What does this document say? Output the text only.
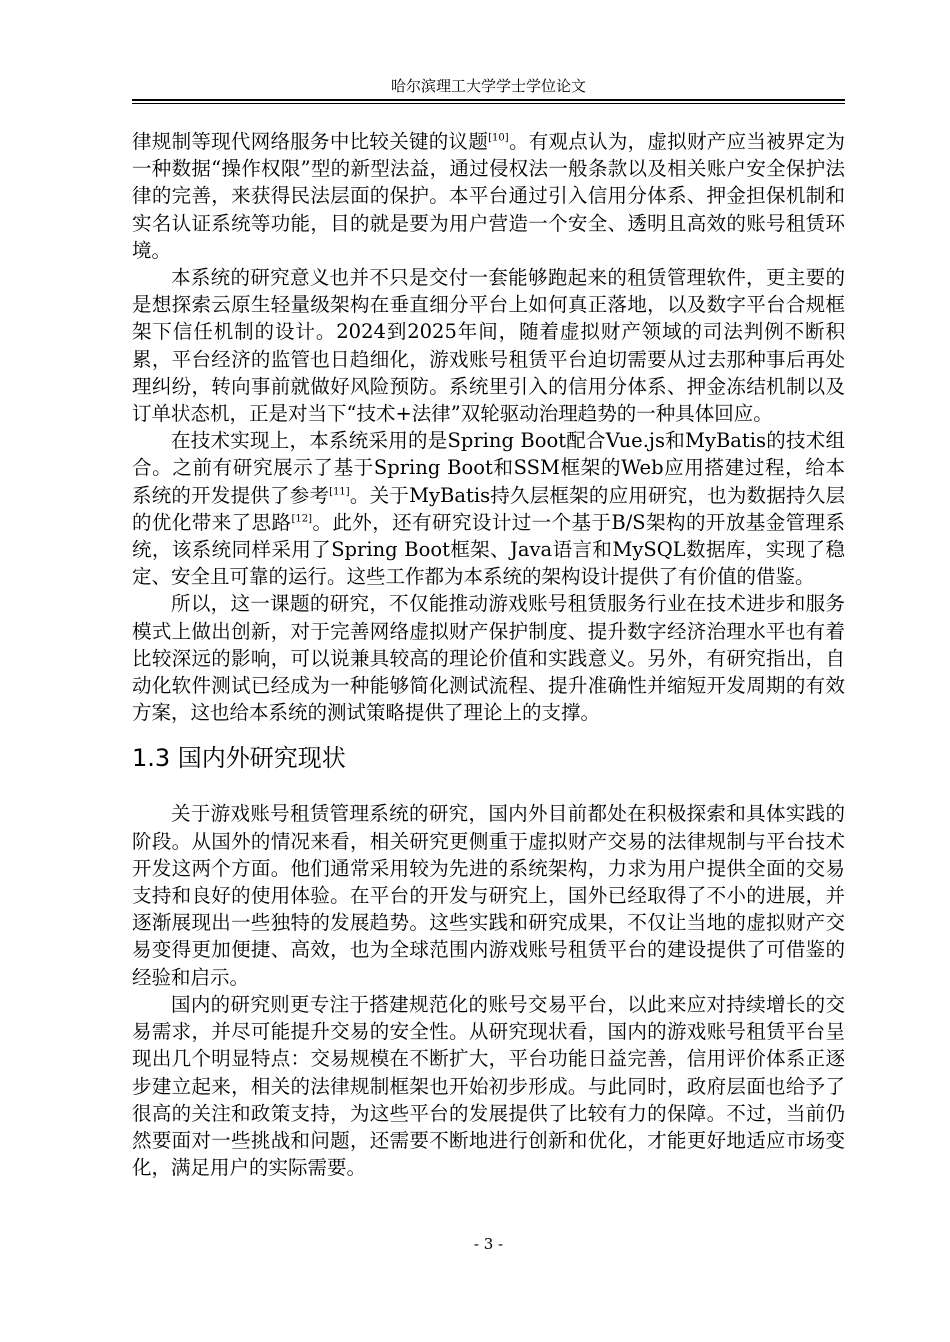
哈尔滨理工大学学士学位论文

律规制等现代网络服务中比较关键的议题[10]。有观点认为，虚拟财产应当被界定为一种数据“操作权限”型的新型法益，通过侵权法一般条款以及相关账户安全保护法律的完善，来获得民法层面的保护。本平台通过引入信用分体系、押金担保机制和实名认证系统等功能，目的就是要为用户营造一个安全、透明且高效的账号租赁环境。

本系统的研究意义也并不只是交付一套能够跑起来的租赁管理软件，更主要的是想探索云原生轻量级架构在垂直细分平台上如何真正落地，以及数字平台合规框架下信任机制的设计。2024到2025年间，随着虚拟财产领域的司法判例不断积累，平台经济的监管也日趋细化，游戏账号租赁平台迫切需要从过去那种事后再处理纠纷，转向事前就做好风险预防。系统里引入的信用分体系、押金冻结机制以及订单状态机，正是对当下“技术+法律”双轮驱动治理趋势的一种具体回应。

在技术实现上，本系统采用的是Spring Boot配合Vue.js和MyBatis的技术组合。之前有研究展示了基于Spring Boot和SSM框架的Web应用搭建过程，给本系统的开发提供了参考[11]。关于MyBatis持久层框架的应用研究，也为数据持久层的优化带来了思路[12]。此外，还有研究设计过一个基于B/S架构的开放基金管理系统，该系统同样采用了Spring Boot框架、Java语言和MySQL数据库，实现了稳定、安全且可靠的运行。这些工作都为本系统的架构设计提供了有价值的借鉴。

所以，这一课题的研究，不仅能推动游戏账号租赁服务行业在技术进步和服务模式上做出创新，对于完善网络虚拟财产保护制度、提升数字经济治理水平也有着比较深远的影响，可以说兼具较高的理论价值和实践意义。另外，有研究指出，自动化软件测试已经成为一种能够简化测试流程、提升准确性并缩短开发周期的有效方案，这也给本系统的测试策略提供了理论上的支撑。

1.3 国内外研究现状

关于游戏账号租赁管理系统的研究，国内外目前都处在积极探索和具体实践的阶段。从国外的情况来看，相关研究更侧重于虚拟财产交易的法律规制与平台技术开发这两个方面。他们通常采用较为先进的系统架构，力求为用户提供全面的交易支持和良好的使用体验。在平台的开发与研究上，国外已经取得了不小的进展，并逐渐展现出一些独特的发展趋势。这些实践和研究成果，不仅让当地的虚拟财产交易变得更加便捷、高效，也为全球范围内游戏账号租赁平台的建设提供了可借鉴的经验和启示。

国内的研究则更专注于搭建规范化的账号交易平台，以此来应对持续增长的交易需求，并尽可能提升交易的安全性。从研究现状看，国内的游戏账号租赁平台呈现出几个明显特点：交易规模在不断扩大，平台功能日益完善，信用评价体系正逐步建立起来，相关的法律规制框架也开始初步形成。与此同时，政府层面也给予了很高的关注和政策支持，为这些平台的发展提供了比较有力的保障。不过，当前仍然要面对一些挑战和问题，还需要不断地进行创新和优化，才能更好地适应市场变化，满足用户的实际需要。

- 3 -
